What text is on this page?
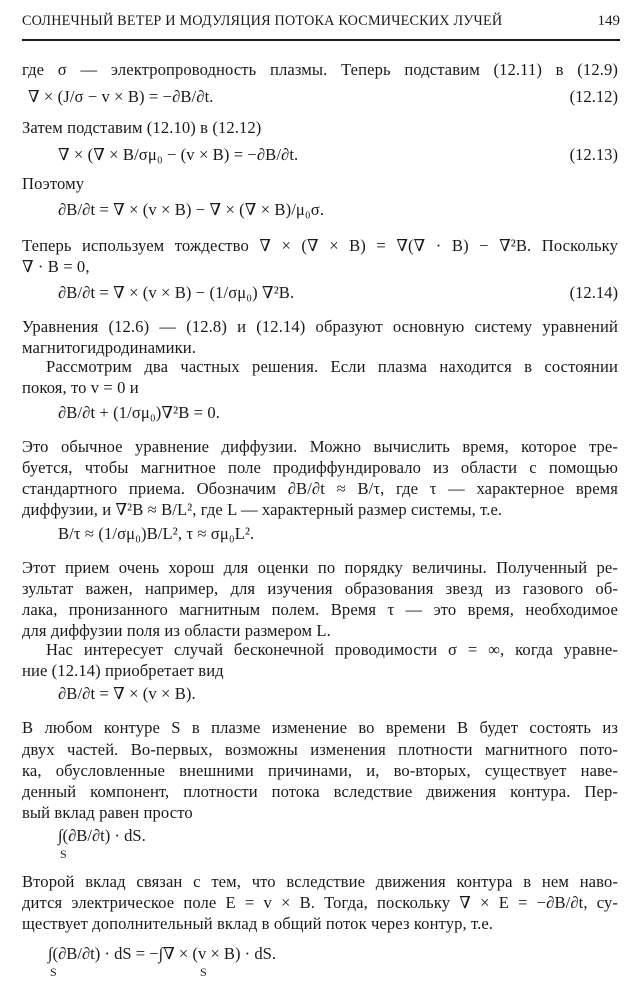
СОЛНЕЧНЫЙ ВЕТЕР И МОДУЛЯЦИЯ ПОТОКА КОСМИЧЕСКИХ ЛУЧЕЙ	149
где σ — электропроводность плазмы. Теперь подставим (12.11) в (12.9)
∇ × (J/σ − v × B) = −∂B/∂t.	(12.12)
Затем подставим (12.10) в (12.12)
∇ × (∇ × B/σμ₀ − (v × B) = −∂B/∂t.	(12.13)
Поэтому
∂B/∂t = ∇ × (v × B) − ∇ × (∇ × B)/μ₀σ.
Теперь используем тождество ∇ × (∇ × B) = ∇(∇ · B) − ∇²B. Поскольку
∇ · B = 0,
∂B/∂t = ∇ × (v × B) − (1/σμ₀) ∇²B.	(12.14)
Уравнения (12.6) — (12.8) и (12.14) образуют основную систему уравнений
магнитогидродинамики.
Рассмотрим два частных решения. Если плазма находится в состоянии
покоя, то v = 0 и
∂B/∂t + (1/σμ₀)∇²B = 0.
Это обычное уравнение диффузии. Можно вычислить время, которое тре-
буется, чтобы магнитное поле продиффундировало из области с помощью
стандартного приема. Обозначим ∂B/∂t ≈ B/τ, где τ — характерное время
диффузии, и ∇²B ≈ B/L², где L — характерный размер системы, т.е.
B/τ ≈ (1/σμ₀)B/L², τ ≈ σμ₀L².
Этот прием очень хорош для оценки по порядку величины. Полученный ре-
зультат важен, например, для изучения образования звезд из газового об-
лака, пронизанного магнитным полем. Время τ — это время, необходимое
для диффузии поля из области размером L.
Нас интересует случай бесконечной проводимости σ = ∞, когда уравне-
ние (12.14) приобретает вид
∂B/∂t = ∇ × (v × B).
В любом контуре S в плазме изменение во времени B будет состоять из
двух частей. Во-первых, возможны изменения плотности магнитного пото-
ка, обусловленные внешними причинами, и, во-вторых, существует наве-
денный компонент, плотности потока вследствие движения контура. Пер-
вый вклад равен просто
∫(∂B/∂t) · dS.
S
Второй вклад связан с тем, что вследствие движения контура в нем наво-
дится электрическое поле E = v × B. Тогда, поскольку ∇ × E = −∂B/∂t, су-
ществует дополнительный вклад в общий поток через контур, т.е.
∫(∂B/∂t) · dS = −∫∇ × (v × B) · dS.
S	S
